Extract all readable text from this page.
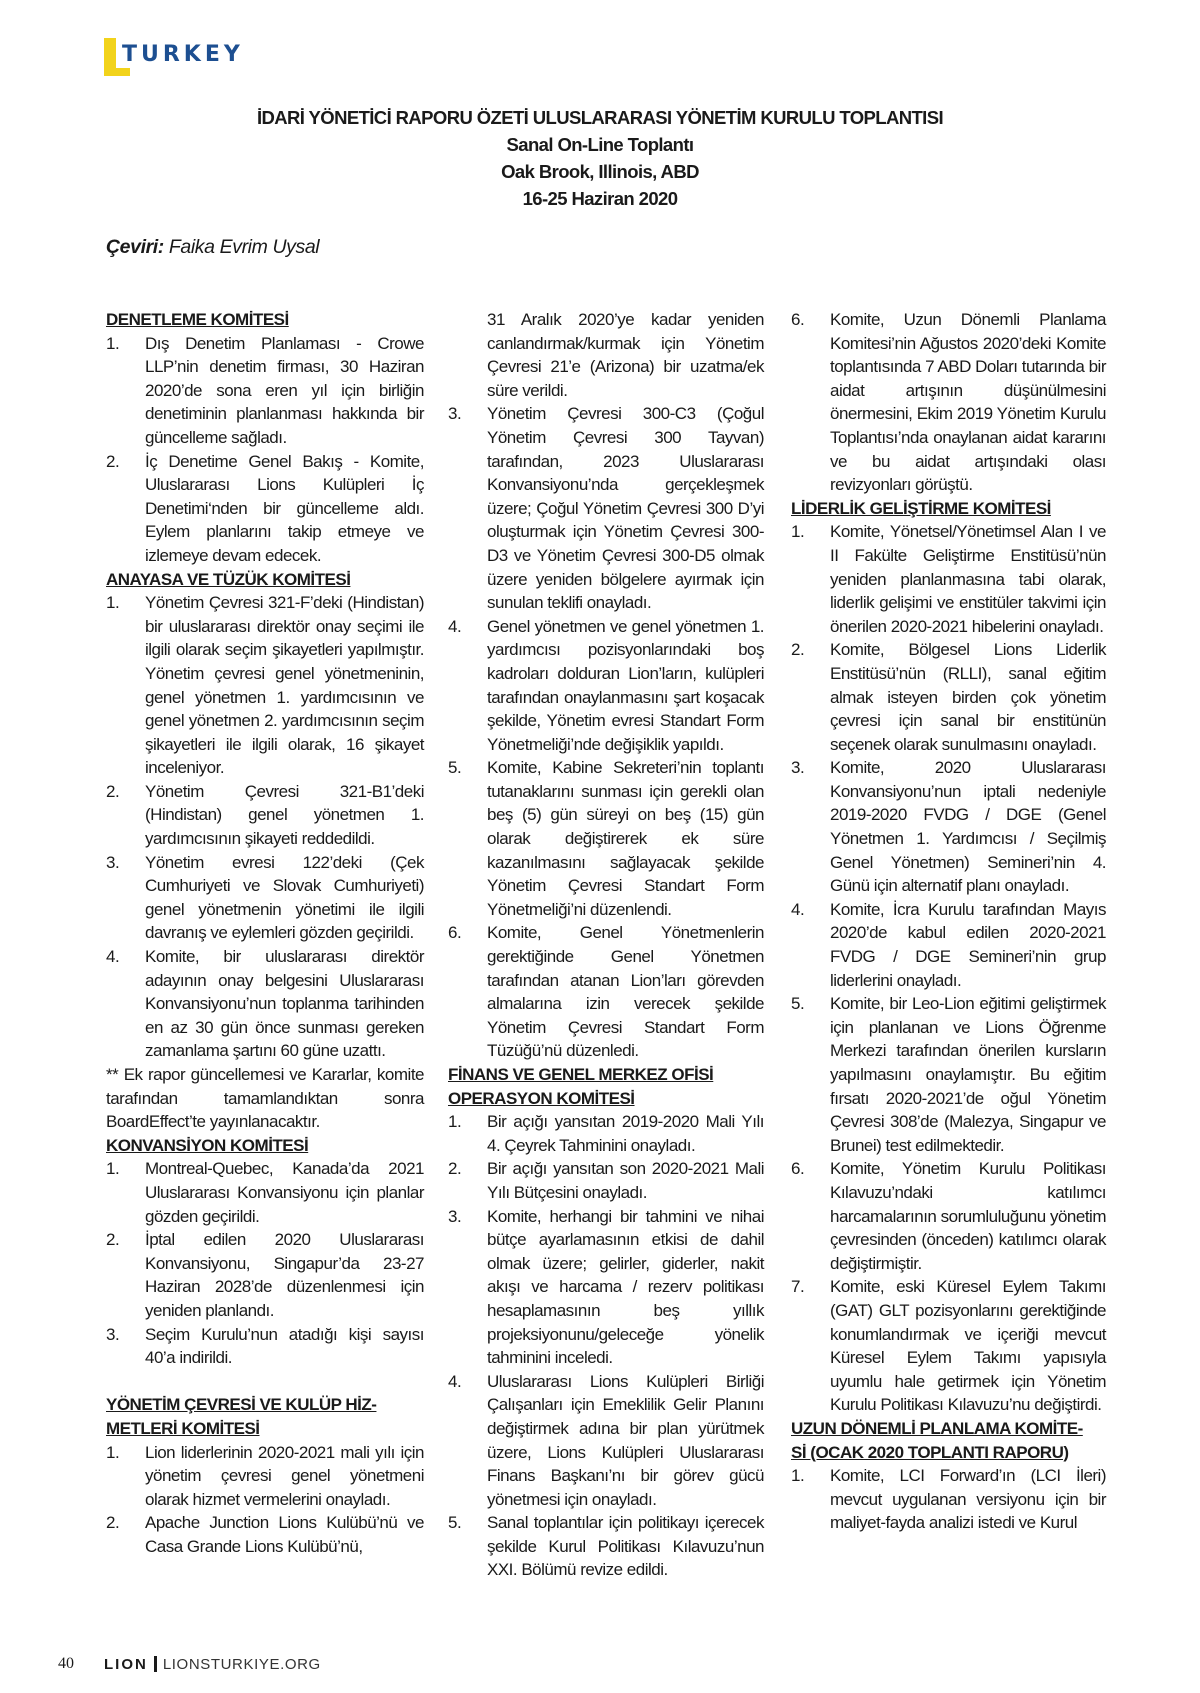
TURKEY
İDARİ YÖNETİCİ RAPORU ÖZETİ ULUSLARARASI YÖNETİM KURULU TOPLANTISI
Sanal On-Line Toplantı
Oak Brook, Illinois, ABD
16-25 Haziran 2020
Çeviri: Faika Evrim Uysal
DENETLEME KOMİTESİ
1. Dış Denetim Planlaması - Crowe LLP’nin denetim firması, 30 Haziran 2020’de sona eren yıl için birliğin denetiminin planlanması hakkında bir güncelleme sağladı.
2. İç Denetime Genel Bakış - Komite, Uluslararası Lions Kulüpleri İç Denetimi‘nden bir güncelleme aldı. Eylem planlarını takip etmeye ve izlemeye devam edecek.
ANAYASA VE TÜZÜK KOMİTESİ
1. Yönetim Çevresi 321-F’deki (Hindistan) bir uluslararası direktör onay seçimi ile ilgili olarak seçim şikayetleri yapılmıştır. Yönetim çevresi genel yönetmeninin, genel yönetmen 1. yardımcısının ve genel yönetmen 2. yardımcısının seçim şikayetleri ile ilgili olarak, 16 şikayet inceleniyor.
2. Yönetim Çevresi 321-B1’deki (Hindistan) genel yönetmen 1. yardımcısının şikayeti reddedildi.
3. Yönetim evresi 122’deki (Çek Cumhuriyeti ve Slovak Cumhuriyeti) genel yönetmenin yönetimi ile ilgili davranış ve eylemleri gözden geçirildi.
4. Komite, bir uluslararası direktör adayının onay belgesini Uluslararası Konvansiyonu’nun toplanma tarihinden en az 30 gün önce sunması gereken zamanlama şartını 60 güne uzattı.
** Ek rapor güncellemesi ve Kararlar, komite tarafından tamamlandıktan sonra BoardEffect’te yayınlanacaktır.
KONVANSİYON KOMİTESİ
1. Montreal-Quebec, Kanada’da 2021 Uluslararası Konvansiyonu için planlar gözden geçirildi.
2. İptal edilen 2020 Uluslararası Konvansiyonu, Singapur’da 23-27 Haziran 2028’de düzenlenmesi için yeniden planlandı.
3. Seçim Kurulu’nun atadığı kişi sayısı 40’a indirildi.
YÖNETİM ÇEVRESİ VE KULÜP HİZ-
METLERİ KOMİTESİ
1. Lion liderlerinin 2020-2021 mali yılı için yönetim çevresi genel yönetmeni olarak hizmet vermelerini onayladı.
2. Apache Junction Lions Kulübü’nü ve Casa Grande Lions Kulübü’nü,
31 Aralık 2020’ye kadar yeniden canlandırmak/kurmak için Yönetim Çevresi 21’e (Arizona) bir uzatma/ek süre verildi.
3. Yönetim Çevresi 300-C3 (Çoğul Yönetim Çevresi 300 Tayvan) tarafından, 2023 Uluslararası Konvansiyonu’nda gerçekleşmek üzere; Çoğul Yönetim Çevresi 300 D’yi oluşturmak için Yönetim Çevresi 300-D3 ve Yönetim Çevresi 300-D5 olmak üzere yeniden bölgelere ayırmak için sunulan teklifi onayladı.
4. Genel yönetmen ve genel yönetmen 1. yardımcısı pozisyonlarındaki boş kadroları dolduran Lion’ların, kulüpleri tarafından onaylanmasını şart koşacak şekilde, Yönetim evresi Standart Form Yönetmeliği’nde değişiklik yapıldı.
5. Komite, Kabine Sekreteri’nin toplantı tutanaklarını sunması için gerekli olan beş (5) gün süreyi on beş (15) gün olarak değiştirerek ek süre kazanılmasını sağlayacak şekilde Yönetim Çevresi Standart Form Yönetmeliği’ni düzenlendi.
6. Komite, Genel Yönetmenlerin gerektiğinde Genel Yönetmen tarafından atanan Lion’ları görevden almalarına izin verecek şekilde Yönetim Çevresi Standart Form Tüzüğü’nü düzenledi.
FİNANS VE GENEL MERKEZ OFİSİ
OPERASYON KOMİTESİ
1. Bir açığı yansıtan 2019-2020 Mali Yılı 4. Çeyrek Tahminini onayladı.
2. Bir açığı yansıtan son 2020-2021 Mali Yılı Bütçesini onayladı.
3. Komite, herhangi bir tahmini ve nihai bütçe ayarlamasının etkisi de dahil olmak üzere; gelirler, giderler, nakit akışı ve harcama / rezerv politikası hesaplamasının beş yıllık projeksiyonunu/geleceğe yönelik tahminini inceledi.
4. Uluslararası Lions Kulüpleri Birliği Çalışanları için Emeklilik Gelir Planını değiştirmek adına bir plan yürütmek üzere, Lions Kulüpleri Uluslararası Finans Başkanı’nı bir görev gücü yönetmesi için onayladı.
5. Sanal toplantılar için politikayı içerecek şekilde Kurul Politikası Kılavuzu’nun XXI. Bölümü revize edildi.
6. Komite, Uzun Dönemli Planlama Komitesi’nin Ağustos 2020’deki Komite toplantısında 7 ABD Doları tutarında bir aidat artışının düşünülmesini önermesini, Ekim 2019 Yönetim Kurulu Toplantısı’nda onaylanan aidat kararını ve bu aidat artışındaki olası revizyonları görüştü.
LİDERLİK GELİŞTİRME KOMİTESİ
1. Komite, Yönetsel/Yönetimsel Alan I ve II Fakülte Geliştirme Enstitüsü’nün yeniden planlanmasına tabi olarak, liderlik gelişimi ve enstitüler takvimi için önerilen 2020-2021 hibelerini onayladı.
2. Komite, Bölgesel Lions Liderlik Enstitüsü’nün (RLLI), sanal eğitim almak isteyen birden çok yönetim çevresi için sanal bir enstitünün seçenek olarak sunulmasını onayladı.
3. Komite, 2020 Uluslararası Konvansiyonu’nun iptali nedeniyle 2019-2020 FVDG / DGE (Genel Yönetmen 1. Yardımcısı / Seçilmiş Genel Yönetmen) Semineri’nin 4. Günü için alternatif planı onayladı.
4. Komite, İcra Kurulu tarafından Mayıs 2020’de kabul edilen 2020-2021 FVDG / DGE Semineri’nin grup liderlerini onayladı.
5. Komite, bir Leo-Lion eğitimi geliştirmek için planlanan ve Lions Öğrenme Merkezi tarafından önerilen kursların yapılmasını onaylamıştır. Bu eğitim fırsatı 2020-2021’de oğul Yönetim Çevresi 308’de (Malezya, Singapur ve Brunei) test edilmektedir.
6. Komite, Yönetim Kurulu Politikası Kılavuzu’ndaki katılımcı harcamalarının sorumluluğunu yönetim çevresinden (önceden) katılımcı olarak değiştirmiştir.
7. Komite, eski Küresel Eylem Takımı (GAT) GLT pozisyonlarını gerektiğinde konumlandırmak ve içeriği mevcut Küresel Eylem Takımı yapısıyla uyumlu hale getirmek için Yönetim Kurulu Politikası Kılavuzu’nu değiştirdi.
UZUN DÖNEMLİ PLANLAMA KOMİTE-
Sİ (OCAK 2020 TOPLANTI RAPORU)
1. Komite, LCI Forward’ın (LCI İleri) mevcut uygulanan versiyonu için bir maliyet-fayda analizi istedi ve Kurul
40 LION LIONSTURKIYE.ORG
